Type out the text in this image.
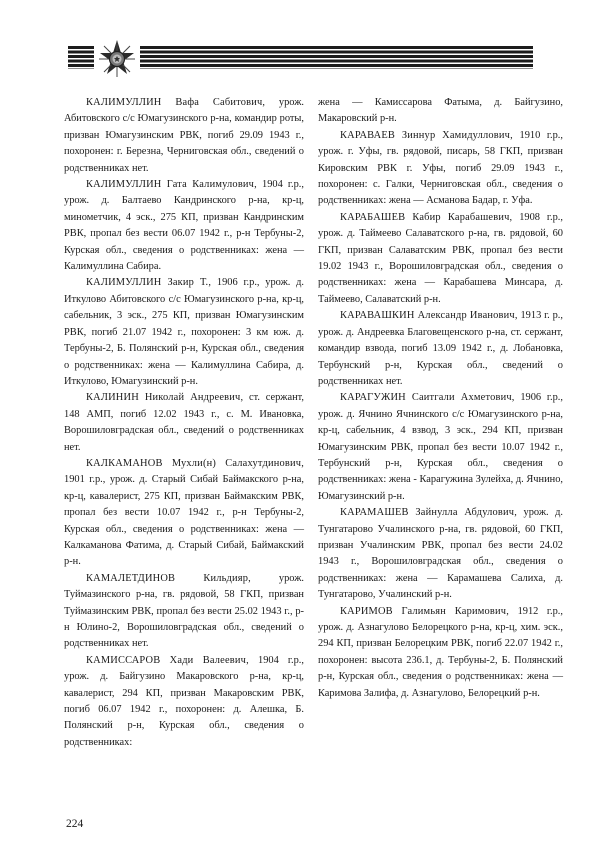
КАЛИМУЛЛИН Вафа Сабитович, урож. Абитовского с/с Юмагузинского р-на, командир роты, призван Юмагузинским РВК, погиб 29.09 1943 г., похоронен: г. Березна, Черниговская обл., сведений о родственниках нет.

КАЛИМУЛЛИН Гата Калимулович, 1904 г.р., урож. д. Балтаево Кандринского р-на, кр-ц, минометчик, 4 эск., 275 КП, призван Кандринским РВК, пропал без вести 06.07 1942 г., р-н Тербуны-2, Курская обл., сведения о родственниках: жена — Калимуллина Сабира.

КАЛИМУЛЛИН Закир Т., 1906 г.р., урож. д. Иткулово Абитовского с/с Юмагузинского р-на, кр-ц, сабельник, 3 эск., 275 КП, призван Юмагузинским РВК, погиб 21.07 1942 г., похоронен: 3 км юж. д. Тербуны-2, Б. Полянский р-н, Курская обл., сведения о родственниках: жена — Калимуллина Сабира, д. Иткулово, Юмагузинский р-н.

КАЛИНИН Николай Андреевич, ст. сержант, 148 АМП, погиб 12.02 1943 г., с. М. Ивановка, Ворошиловградская обл., сведений о родственниках нет.

КАЛКАМАНОВ Мухли(н) Салахутдинович, 1901 г.р., урож. д. Старый Сибай Баймакского р-на, кр-ц, кавалерист, 275 КП, призван Баймакским РВК, пропал без вести 10.07 1942 г., р-н Тербуны-2, Курская обл., сведения о родственниках: жена — Калкаманова Фатима, д. Старый Сибай, Баймакский р-н.

КАМАЛЕТДИНОВ Кильдияр,	урож. Туймазинского р-на, гв. рядовой, 58 ГКП, призван Туймазинским РВК, пропал без вести 25.02 1943 г., р-н Юлино-2, Ворошиловградская обл., сведений о родственниках нет.

КАМИССАРОВ Хади Валеевич, 1904 г.р., урож. д. Байгузино Макаровского р-на, кр-ц, кавалерист, 294 КП, призван Макаровским РВК, погиб 06.07 1942 г., похоронен: д. Алешка, Б. Полянский р-н, Курская обл., сведения о родственниках:

жена — Камиссарова Фатыма, д. Байгузино, Макаровский р-н.

КАРАВАЕВ Зиннур Хамидуллович, 1910 г.р., урож. г. Уфы, гв. рядовой, писарь, 58 ГКП, призван Кировским РВК г. Уфы, погиб 29.09 1943 г., похоронен: с. Галки, Черниговская обл., сведения о родственниках: жена — Асманова Бадар, г. Уфа.

КАРАБАШЕВ Кабир Карабашевич, 1908 г.р., урож. д. Таймеево Салаватского р-на, гв. рядовой, 60 ГКП, призван Салаватским РВК, пропал без вести 19.02 1943 г., Ворошиловградская обл., сведения о родственниках: жена — Карабашева Минсара, д. Таймеево, Салаватский р-н.

КАРАВАШКИН Александр Иванович, 1913 г. р., урож. д. Андреевка Благовещенского р-на, ст. сержант, командир взвода, погиб 13.09 1942 г., д. Лобановка, Тербунский р-н, Курская обл., сведений о родственниках нет.

КАРАГУЖИН Саитгали Ахметович, 1906 г.р., урож. д. Ячнино Ячнинского с/с Юмагузинского р-на, кр-ц, сабельник, 4 взвод, 3 эск., 294 КП, призван Юмагузинским РВК, пропал без вести 10.07 1942 г., Тербунский р-н, Курская обл., сведения о родственниках: жена - Карагужина Зулейха, д. Ячнино, Юмагузинский р-н.

КАРАМАШЕВ Зайнулла Абдулович, урож. д. Тунгатарово Учалинского р-на, гв. рядовой, 60 ГКП, призван Учалинским РВК, пропал без вести 24.02 1943 г., Ворошиловградская обл., сведения о родственниках: жена — Карамашева Салиха, д. Тунгатарово, Учалинский р-н.

КАРИМОВ Галимьян Каримович, 1912 г.р., урож. д. Азнагулово Белорецкого р-на, кр-ц, хим. эск., 294 КП, призван Белорецким РВК, погиб 22.07 1942 г., похоронен: высота 236.1, д. Тербуны-2, Б. Полянский р-н, Курская обл., сведения о родственниках: жена — Каримова Залифа, д. Азнагулово, Белорецкий р-н.

224
